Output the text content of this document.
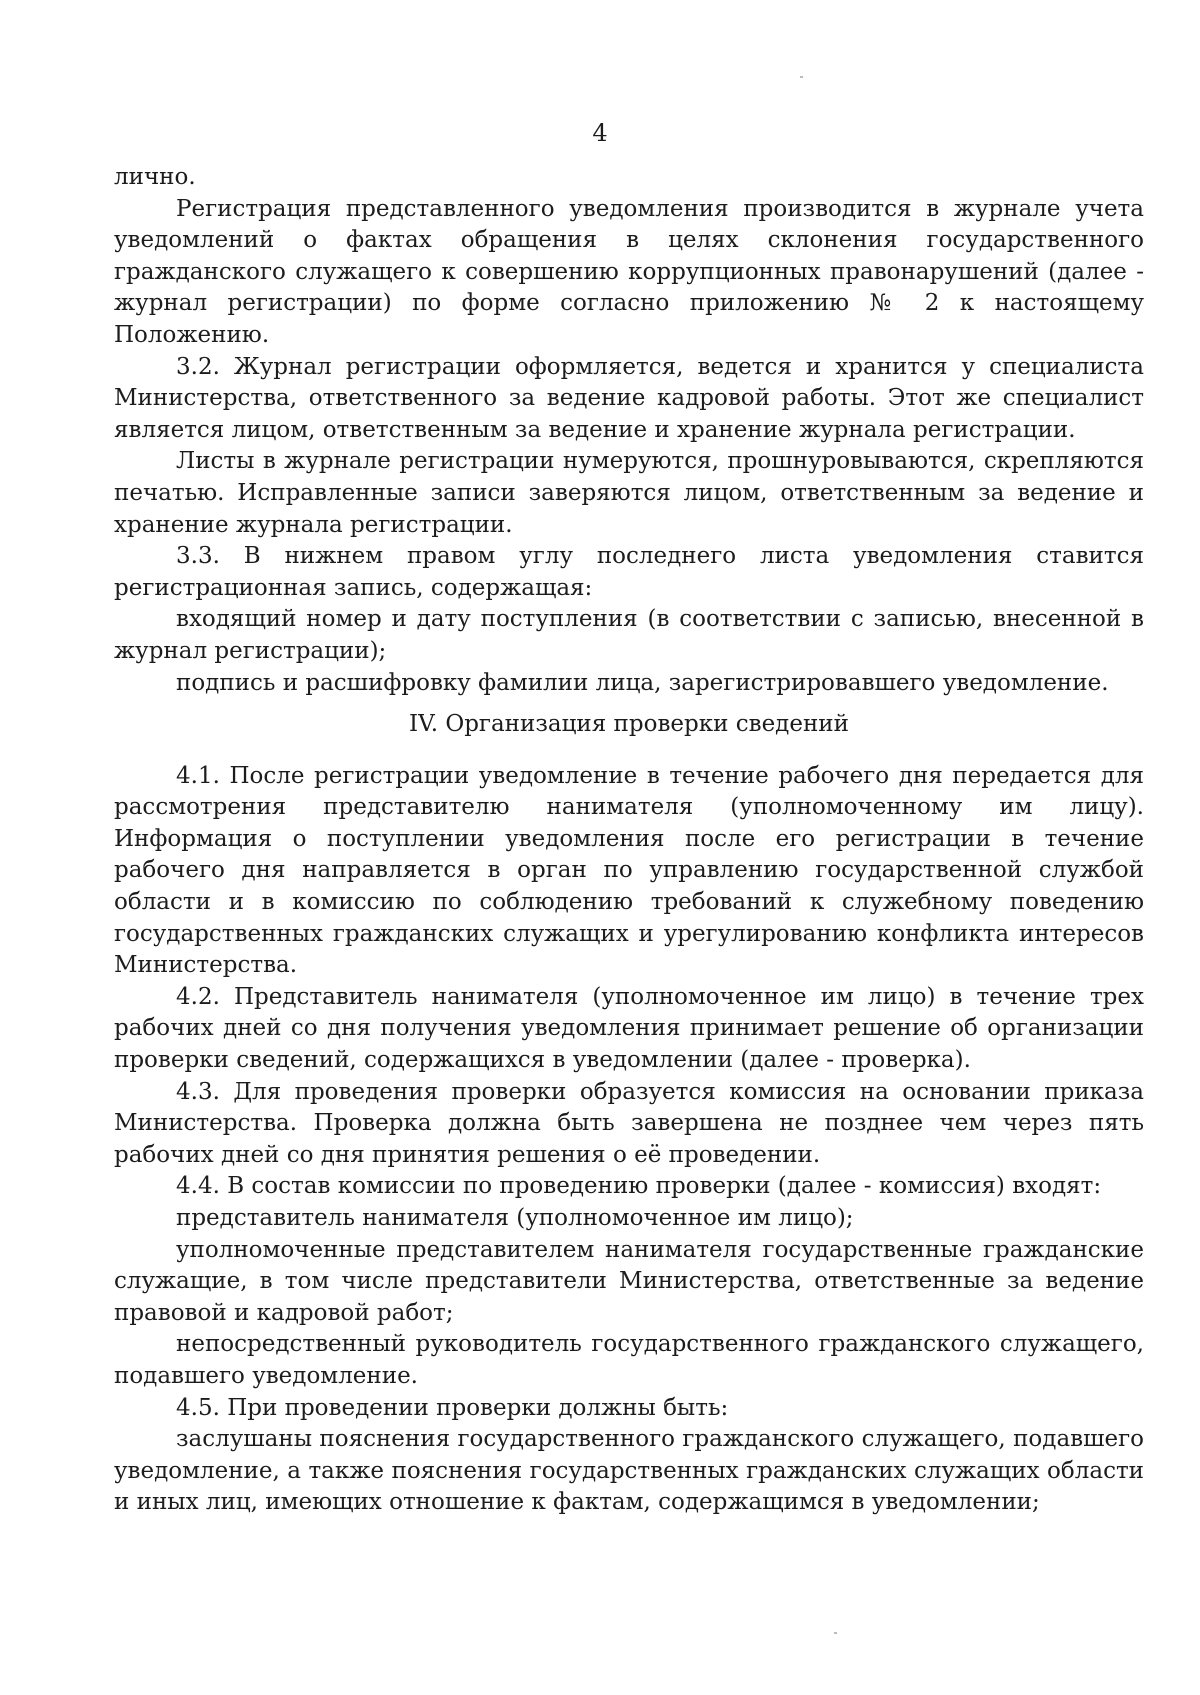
4

лично.

Регистрация представленного уведомления производится в журнале учета уведомлений о фактах обращения в целях склонения государственного гражданского служащего к совершению коррупционных правонарушений (далее - журнал регистрации) по форме согласно приложению № 2 к настоящему Положению.

3.2. Журнал регистрации оформляется, ведется и хранится у специалиста Министерства, ответственного за ведение кадровой работы. Этот же специалист является лицом, ответственным за ведение и хранение журнала регистрации.

Листы в журнале регистрации нумеруются, прошнуровываются, скрепляются печатью. Исправленные записи заверяются лицом, ответственным за ведение и хранение журнала регистрации.

3.3. В нижнем правом углу последнего листа уведомления ставится регистрационная запись, содержащая:

входящий номер и дату поступления (в соответствии с записью, внесенной в журнал регистрации);

подпись и расшифровку фамилии лица, зарегистрировавшего уведомление.

IV. Организация проверки сведений

4.1. После регистрации уведомление в течение рабочего дня передается для рассмотрения представителю нанимателя (уполномоченному им лицу). Информация о поступлении уведомления после его регистрации в течение рабочего дня направляется в орган по управлению государственной службой области и в комиссию по соблюдению требований к служебному поведению государственных гражданских служащих и урегулированию конфликта интересов Министерства.

4.2. Представитель нанимателя (уполномоченное им лицо) в течение трех рабочих дней со дня получения уведомления принимает решение об организации проверки сведений, содержащихся в уведомлении (далее - проверка).

4.3. Для проведения проверки образуется комиссия на основании приказа Министерства. Проверка должна быть завершена не позднее чем через пять рабочих дней со дня принятия решения о её проведении.

4.4. В состав комиссии по проведению проверки (далее - комиссия) входят:

представитель нанимателя (уполномоченное им лицо);

уполномоченные представителем нанимателя государственные гражданские служащие, в том числе представители Министерства, ответственные за ведение правовой и кадровой работ;

непосредственный руководитель государственного гражданского служащего, подавшего уведомление.

4.5. При проведении проверки должны быть:

заслушаны пояснения государственного гражданского служащего, подавшего уведомление, а также пояснения государственных гражданских служащих области и иных лиц, имеющих отношение к фактам, содержащимся в уведомлении;
